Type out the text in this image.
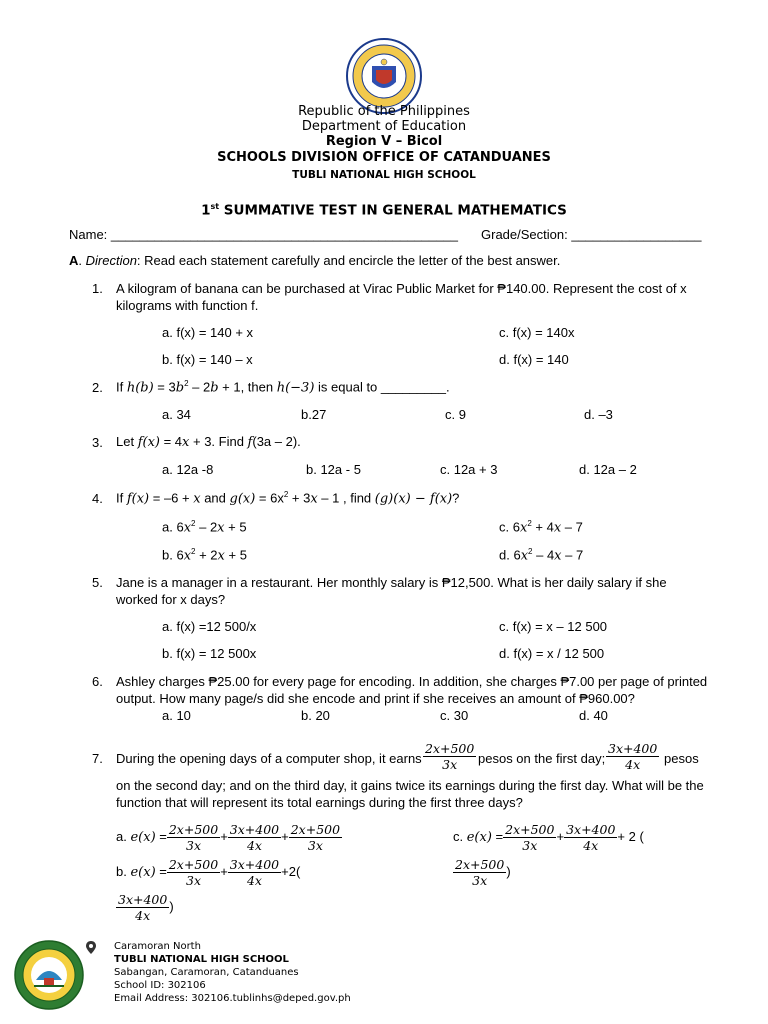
Republic of the Philippines
Department of Education
Region V – Bicol
SCHOOLS DIVISION OFFICE OF CATANDUANES
TUBLI NATIONAL HIGH SCHOOL
1st SUMMATIVE TEST IN GENERAL MATHEMATICS
Name: ________________________________________________ Grade/Section: __________________
A. Direction: Read each statement carefully and encircle the letter of the best answer.
1. A kilogram of banana can be purchased at Virac Public Market for ₱140.00. Represent the cost of x
kilograms with function f.
a. f(x) = 140 + x	c. f(x) = 140x
b. f(x) = 140 – x	d. f(x) = 140
2. If $h(b) = 3b^2 - 2b + 1$, then h(−3) is equal to _________.
a. 34	b.27	c. 9	d. –3
3. Let f(x) = 4x + 3. Find f(3a – 2).
a. 12a -8	b. 12a - 5	c. 12a + 3	d. 12a – 2
4. If f(x) = –6 + x and $g(x) = 6x^2 + 3x - 1$ , find (g)(x) − f(x)?
a. $6x^2 - 2x + 5$	c. $6x^2 + 4x - 7$
b. $6x^2 + 2x + 5$	d. $6x^2 - 4x - 7$
5. Jane is a manager in a restaurant. Her monthly salary is ₱12,500. What is her daily salary if she
worked for x days?
a. f(x) =12 500/x	c. f(x) = x – 12 500
b. f(x) = 12 500x	d. f(x) = x / 12 500
6. Ashley charges ₱25.00 for every page for encoding. In addition, she charges ₱7.00 per page of printed
output. How many page/s did she encode and print if she receives an amount of ₱960.00?
a. 10	b. 20	c. 30	d. 40
7. During the opening days of a computer shop, it earns $\frac{2x+500}{3x}$ pesos on the first day; $\frac{3x+400}{4x}$ pesos
on the second day; and on the third day, it gains twice its earnings during the first day. What will be the
function that will represent its total earnings during the first three days?
a. $e(x) = \frac{2x+500}{3x} + \frac{3x+400}{4x} + \frac{2x+500}{3x}$	c. $e(x) = \frac{2x+500}{3x} + \frac{3x+400}{4x} + 2$ (
$\frac{2x+500}{3x}$ )
b. $e(x) = \frac{2x+500}{3x} + \frac{3x+400}{4x} +2$(
$\frac{3x+400}{4x}$ )
Caramoran North
TUBLI NATIONAL HIGH SCHOOL
Sabangan, Caramoran, Catanduanes
School ID: 302106
Email Address: 302106.tublinhs@deped.gov.ph
